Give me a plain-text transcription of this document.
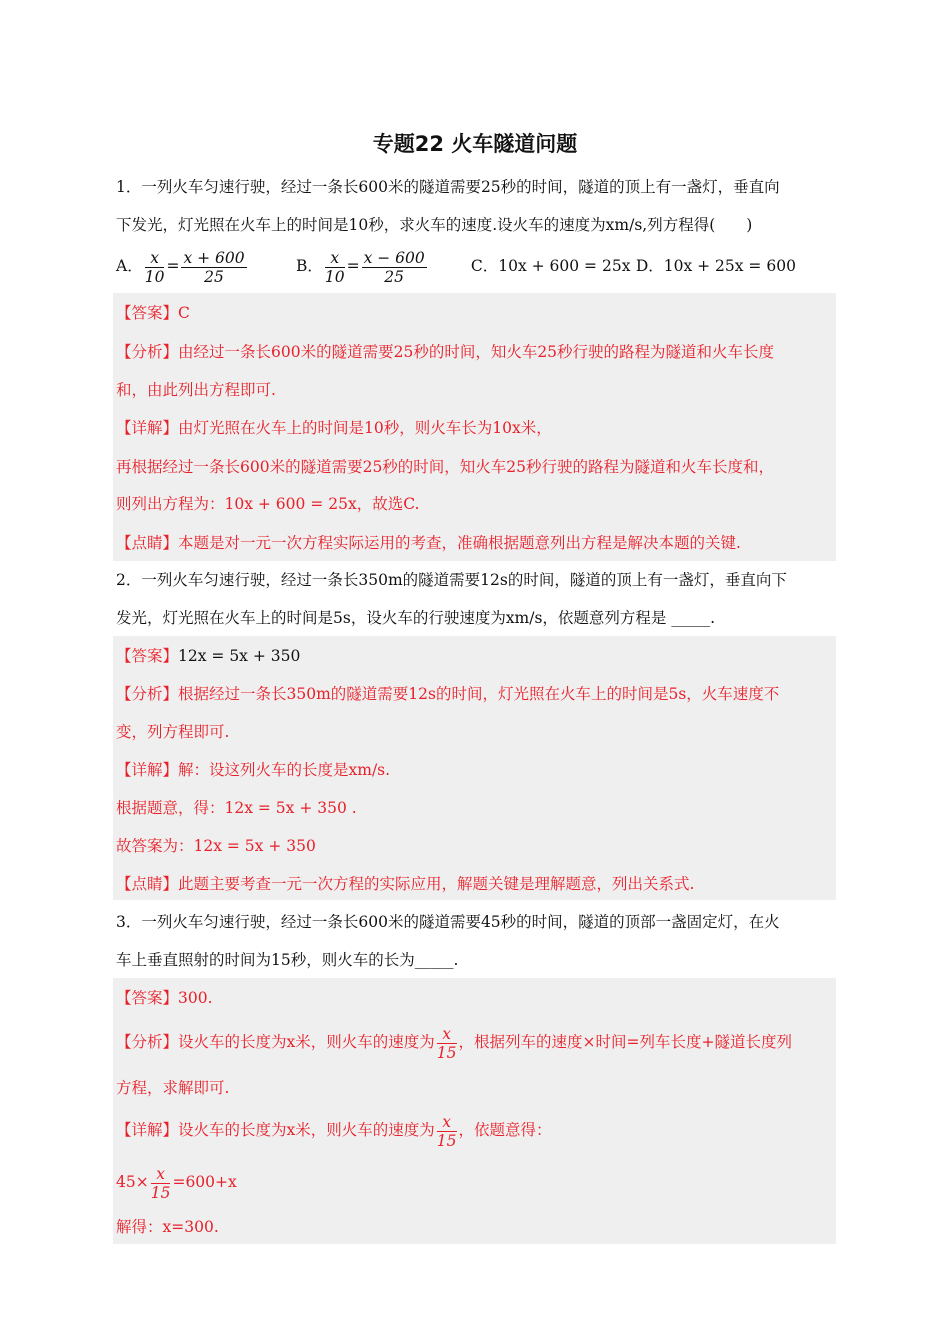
专题22 火车隧道问题
1．一列火车匀速行驶，经过一条长600米的隧道需要25秒的时间，隧道的顶上有一盏灯，垂直向
下发光，灯光照在火车上的时间是10秒，求火车的速度.设火车的速度为xm/s,列方程得(　　)
A． $\frac{x}{10} = \frac{x + 600}{25}$	B． $\frac{x}{10} = \frac{x - 600}{25}$	C．10x + 600 = 25x D．10x + 25x = 600
【答案】C
【分析】由经过一条长600米的隧道需要25秒的时间，知火车25秒行驶的路程为隧道和火车长度
和，由此列出方程即可.
【详解】由灯光照在火车上的时间是10秒，则火车长为10x米，
再根据经过一条长600米的隧道需要25秒的时间，知火车25秒行驶的路程为隧道和火车长度和，
则列出方程为：10x + 600 = 25x，故选C.
【点睛】本题是对一元一次方程实际运用的考查，准确根据题意列出方程是解决本题的关键.
2．一列火车匀速行驶，经过一条长350m的隧道需要12s的时间，隧道的顶上有一盏灯，垂直向下
发光，灯光照在火车上的时间是5s，设火车的行驶速度为xm/s，依题意列方程是 _____.
【答案】12x = 5x + 350
【分析】根据经过一条长350m的隧道需要12s的时间，灯光照在火车上的时间是5s，火车速度不
变，列方程即可.
【详解】解：设这列火车的长度是xm/s.
根据题意，得：12x = 5x + 350 .
故答案为：12x = 5x + 350
【点睛】此题主要考查一元一次方程的实际应用，解题关键是理解题意，列出关系式.
3．一列火车匀速行驶，经过一条长600米的隧道需要45秒的时间，隧道的顶部一盏固定灯，在火
车上垂直照射的时间为15秒，则火车的长为_____.
【答案】300.
【分析】设火车的长度为x米，则火车的速度为 $\frac{x}{15}$ ，根据列车的速度×时间=列车长度+隧道长度列
方程，求解即可.
【详解】设火车的长度为x米，则火车的速度为 $\frac{x}{15}$ ，依题意得：
$45\times \frac{x}{15} =600+x$
解得：x=300.
